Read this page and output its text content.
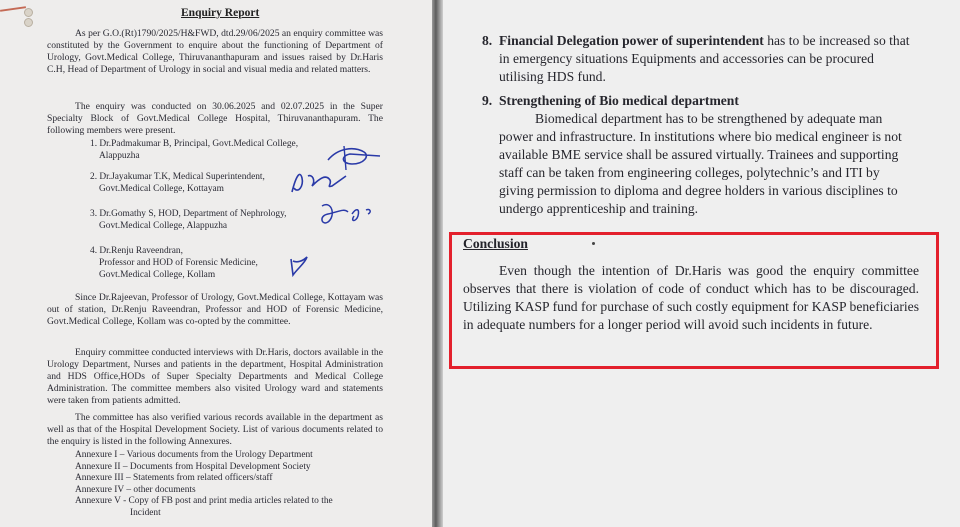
Enquiry Report
As per G.O.(Rt)1790/2025/H&FWD, dtd.29/06/2025 an enquiry committee was constituted by the Government to enquire about the functioning of Department of Urology, Govt.Medical College, Thiruvananthapuram and issues raised by Dr.Haris C.H, Head of Department of Urology in social and visual media and related matters.
The enquiry was conducted on 30.06.2025 and 02.07.2025 in the Super Specialty Block of Govt.Medical College Hospital, Thiruvananthapuram. The following members were present.
1. Dr.Padmakumar B, Principal, Govt.Medical College,
Alappuzha
2. Dr.Jayakumar T.K, Medical Superintendent,
Govt.Medical College, Kottayam
3. Dr.Gomathy S, HOD, Department of Nephrology,
Govt.Medical College, Alappuzha
4. Dr.Renju Raveendran,
Professor and HOD of Forensic Medicine,
Govt.Medical College, Kollam
Since Dr.Rajeevan, Professor of Urology, Govt.Medical College, Kottayam was out of station, Dr.Renju Raveendran, Professor and HOD of Forensic Medicine, Govt.Medical College, Kollam was co-opted by the committee.
Enquiry committee conducted interviews with Dr.Haris, doctors available in the Urology Department, Nurses and patients in the department, Hospital Administration and HDS Office,HODs of Super Specialty Departments and Medical College Administration. The committee members also visited Urology ward and statements were taken from patients admitted.
The committee has also verified various records available in the department as well as that of the Hospital Development Society. List of various documents related to the enquiry is listed in the following Annexures.
Annexure I – Various documents from the Urology Department
Annexure II – Documents from Hospital Development Society
Annexure III – Statements from related officers/staff
Annexure IV – other documents
Annexure V - Copy of FB post and print media articles related to the
Incident
8. Financial Delegation power of superintendent has to be increased so that
in emergency situations Equipments and accessories can be procured
utilising HDS fund.
9. Strengthening of Bio medical department
Biomedical department has to be strengthened by adequate man
power and infrastructure. In institutions where bio medical engineer is not
available BME service shall be assured virtually. Trainees and supporting
staff can be taken from engineering colleges, polytechnic’s and ITI by
giving permission to diploma and degree holders in various disciplines to
undergo apprenticeship and training.
Conclusion
Even though the intention of Dr.Haris was good the enquiry committee observes that there is violation of code of conduct which has to be discouraged. Utilizing KASP fund for purchase of such costly equipment for KASP beneficiaries in adequate numbers for a longer period will avoid such incidents in future.
